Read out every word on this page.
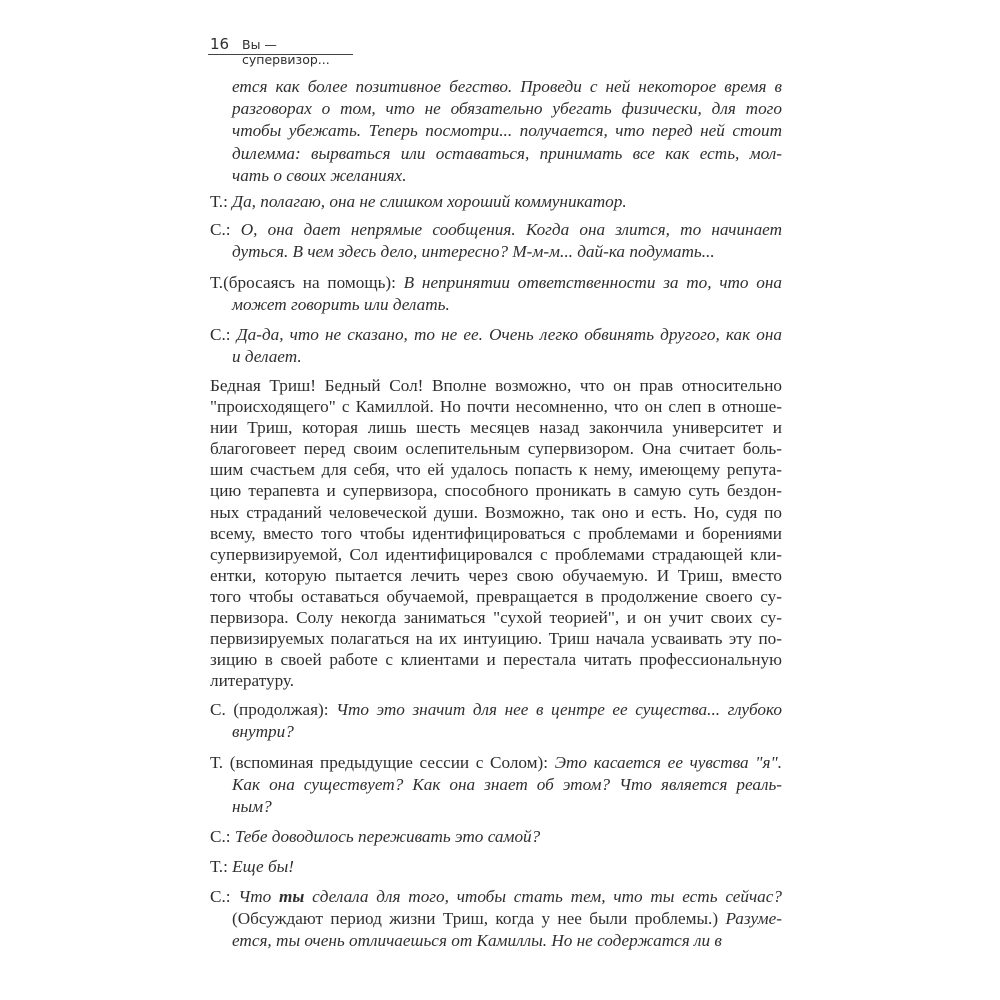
16 Вы — супервизор...
ется как более позитивное бегство. Проведи с ней некоторое время в
разговорах о том, что не обязательно убегать физически, для того
чтобы убежать. Теперь посмотри... получается, что перед ней стоит
дилемма: вырваться или оставаться, принимать все как есть, мол-
чать о своих желаниях.
Т.: Да, полагаю, она не слишком хороший коммуникатор.
С.: О, она дает непрямые сообщения. Когда она злится, то начинает
дуться. В чем здесь дело, интересно? М-м-м... дай-ка подумать...
Т.(бросаясъ на помощь): В непринятии ответственности за то, что она
может говорить или делать.
С.: Да-да, что не сказано, то не ее. Очень легко обвинять другого, как она
и делает.
Бедная Триш! Бедный Сол! Вполне возможно, что он прав относительно
"происходящего" с Камиллой. Но почти несомненно, что он слеп в отноше-
нии Триш, которая лишь шесть месяцев назад закончила университет и
благоговеет перед своим ослепительным супервизором. Она считает боль-
шим счастьем для себя, что ей удалось попасть к нему, имеющему репута-
цию терапевта и супервизора, способного проникать в самую суть бездон-
ных страданий человеческой души. Возможно, так оно и есть. Но, судя по
всему, вместо того чтобы идентифицироваться с проблемами и борениями
супервизируемой, Сол идентифицировался с проблемами страдающей кли-
ентки, которую пытается лечить через свою обучаемую. И Триш, вместо
того чтобы оставаться обучаемой, превращается в продолжение своего су-
первизора. Солу некогда заниматься "сухой теорией", и он учит своих су-
первизируемых полагаться на их интуицию. Триш начала усваивать эту по-
зицию в своей работе с клиентами и перестала читать профессиональную
литературу.
С. (продолжая): Что это значит для нее в центре ее существа... глубоко
внутри?
Т. (вспоминая предыдущие сессии с Солом): Это касается ее чувства "я".
Как она существует? Как она знает об этом? Что является реаль-
ным?
С.: Тебе доводилось переживать это самой?
Т.: Еще бы!
С.: Что ты сделала для того, чтобы стать тем, что ты есть сейчас?
(Обсуждают период жизни Триш, когда у нее были проблемы.) Разуме-
ется, ты очень отличаешься от Камиллы. Но не содержатся ли в
